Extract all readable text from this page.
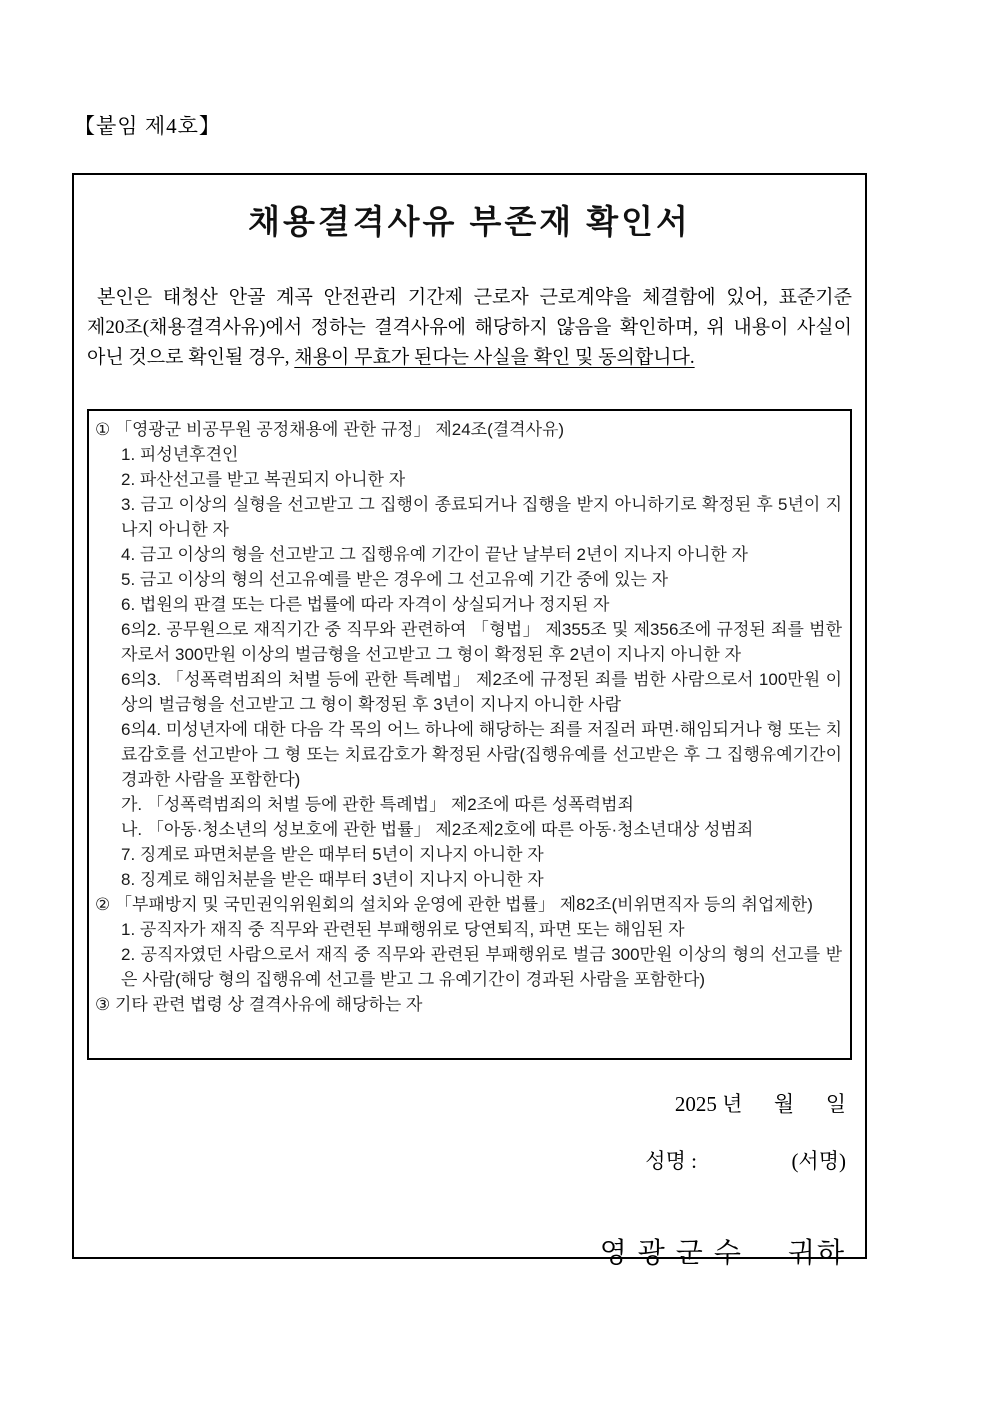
【붙임 제4호】
채용결격사유 부존재 확인서

본인은 태청산 안골 계곡 안전관리 기간제 근로자 근로계약을 체결함에 있어, 표준기준 제20조(채용결격사유)에서 정하는 결격사유에 해당하지 않음을 확인하며, 위 내용이 사실이 아닌 것으로 확인될 경우, 채용이 무효가 된다는 사실을 확인 및 동의합니다.

① 「영광군 비공무원 공정채용에 관한 규정」 제24조(결격사유)
1. 피성년후견인
2. 파산선고를 받고 복권되지 아니한 자
3. 금고 이상의 실형을 선고받고 그 집행이 종료되거나 집행을 받지 아니하기로 확정된 후 5년이 지나지 아니한 자
4. 금고 이상의 형을 선고받고 그 집행유예 기간이 끝난 날부터 2년이 지나지 아니한 자
5. 금고 이상의 형의 선고유예를 받은 경우에 그 선고유예 기간 중에 있는 자
6. 법원의 판결 또는 다른 법률에 따라 자격이 상실되거나 정지된 자
6의2. 공무원으로 재직기간 중 직무와 관련하여 「형법」 제355조 및 제356조에 규정된 죄를 범한 자로서 300만원 이상의 벌금형을 선고받고 그 형이 확정된 후 2년이 지나지 아니한 자
6의3. 「성폭력범죄의 처벌 등에 관한 특례법」 제2조에 규정된 죄를 범한 사람으로서 100만원 이상의 벌금형을 선고받고 그 형이 확정된 후 3년이 지나지 아니한 사람
6의4. 미성년자에 대한 다음 각 목의 어느 하나에 해당하는 죄를 저질러 파면·해임되거나 형 또는 치료감호를 선고받아 그 형 또는 치료감호가 확정된 사람(집행유예를 선고받은 후 그 집행유예기간이 경과한 사람을 포함한다)
가. 「성폭력범죄의 처벌 등에 관한 특례법」 제2조에 따른 성폭력범죄
나. 「아동·청소년의 성보호에 관한 법률」 제2조제2호에 따른 아동·청소년대상 성범죄
7. 징계로 파면처분을 받은 때부터 5년이 지나지 아니한 자
8. 징계로 해임처분을 받은 때부터 3년이 지나지 아니한 자
② 「부패방지 및 국민권익위원회의 설치와 운영에 관한 법률」 제82조(비위면직자 등의 취업제한)
1. 공직자가 재직 중 직무와 관련된 부패행위로 당연퇴직, 파면 또는 해임된 자
2. 공직자였던 사람으로서 재직 중 직무와 관련된 부패행위로 벌금 300만원 이상의 형의 선고를 받은 사람(해당 형의 집행유예 선고를 받고 그 유예기간이 경과된 사람을 포함한다)
③ 기타 관련 법령 상 결격사유에 해당하는 자
2025 년      월      일
성명 :                  (서명)
영 광 군 수     귀하
